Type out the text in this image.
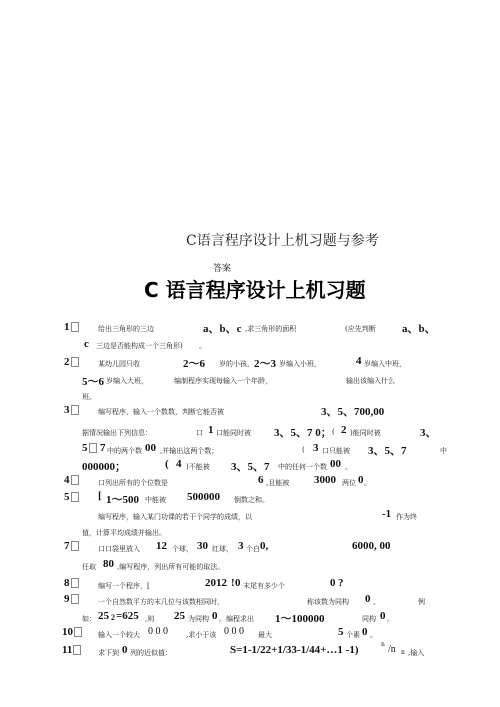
C语言程序设计上机习题与参考
答案
C 语言程序设计上机习题
1	给出三角形的三边	a、b、c ,求三角形的面积	(应先判断 a、b、
c 三边是否能构成一个三角形) 。
2	某幼儿园只收	2〜6 岁的小孩， 2〜3 岁编入小班，	4 岁编入中班，
5〜6 岁编入大班，	编制程序实现每输入一个年龄，	输出该编入什么
班。
3	编写程序，输入一个数数，判断它能否被	3、5、700,00
据情况输出下列信息：	口 1 口能同时被 3、5、7 0； ( 2 )能同时被	3、
5	7 中的两个数 00 ,并输出这两个数；	( 3 口只能被 3、5、7	中
000000；	( 4 )不能被 3、5、7 中的任何一个数 00 。
4	口列出所有的个位数是	6 ,且能被 3000 两位 0 。
5	[ 1〜500 中能被 500000 倒数之和。
编写程序，输入某门功课的若干个同学的成绩，以	-1 作为终
值，计算平均成绩并输出。
7	口口袋里放入 12 个球， 30 红球， 3 个白 0,	6000, 00
任取 80 ,编写程序，列出所有可能的取法。
8	编写一个程序，[	2012 ! 0 末尾有多少个	0 ?
9	一个自然数平方的末几位与该数相同时，	称该数为同构 0 。	例
如： 25 2 =625 ,则 25 为同构 0 。编程求出 1〜100000	同构 0 。
10	输入一个较大 0 0 0	,求小于该 0 0 0 最大	5 个素 0 。
11	求下到 0 列的近似值：	S=1-1/22+1/33-1/44+…1 -1)	n /n n ,输入
